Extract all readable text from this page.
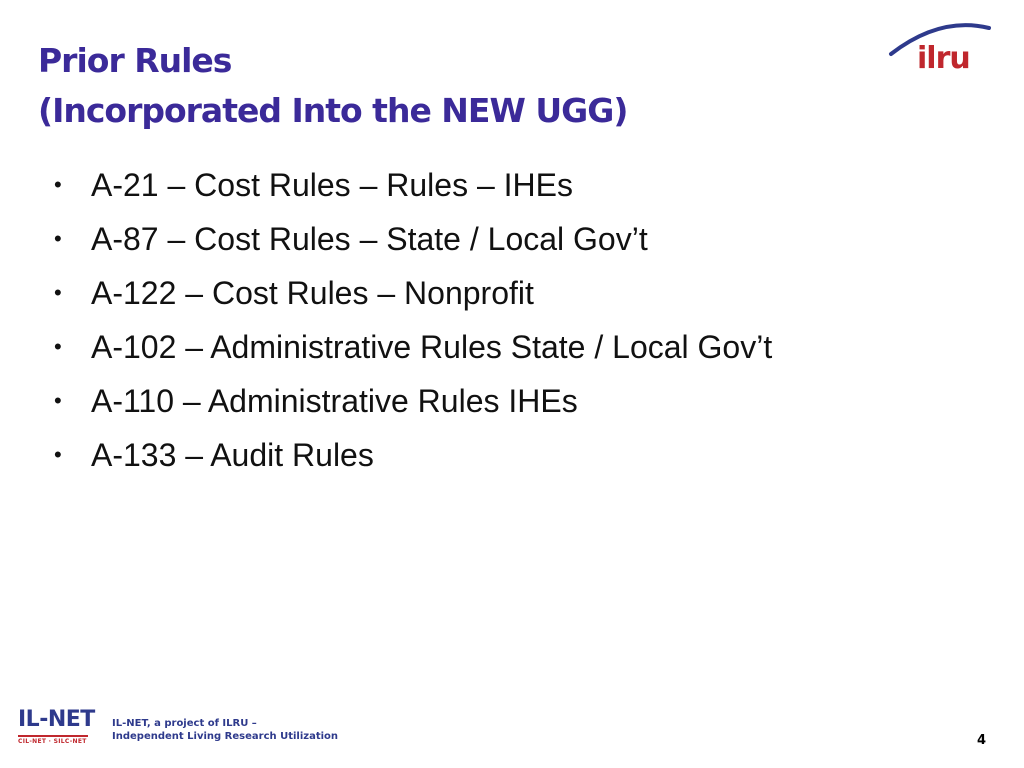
Prior Rules
(Incorporated Into the NEW UGG)
ilru
• A-21 – Cost Rules – Rules – IHEs
• A-87 – Cost Rules – State / Local Gov’t
• A-122 – Cost Rules – Nonprofit
• A-102 – Administrative Rules State / Local Gov’t
• A-110 – Administrative Rules IHEs
• A-133 – Audit Rules
IL-NET
CIL-NET · SILC-NET
IL-NET, a project of ILRU –
Independent Living Research Utilization	4
